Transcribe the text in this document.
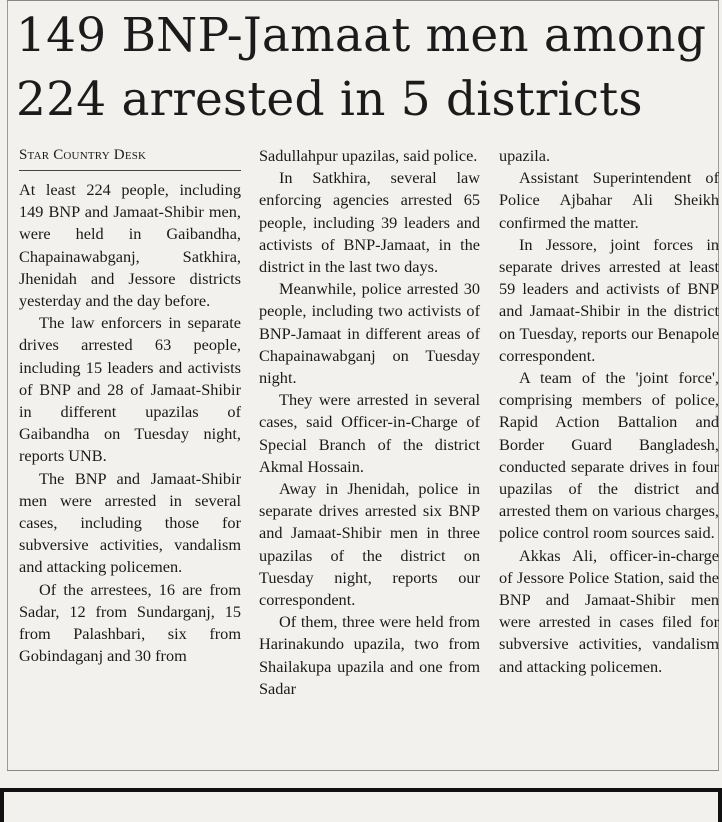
149 BNP-Jamaat men among 224 arrested in 5 districts
Star Country Desk

At least 224 people, including 149 BNP and Jamaat-Shibir men, were held in Gaibandha, Chapainawabganj, Satkhira, Jhenidah and Jessore districts yesterday and the day before.

The law enforcers in separate drives arrested 63 people, including 15 leaders and activists of BNP and 28 of Jamaat-Shibir in different upazilas of Gaibandha on Tuesday night, reports UNB.

The BNP and Jamaat-Shibir men were arrested in several cases, including those for subversive activities, vandalism and attacking policemen.

Of the arrestees, 16 are from Sadar, 12 from Sundarganj, 15 from Palashbari, six from Gobindaganj and 30 from

Sadullahpur upazilas, said police.

In Satkhira, several law enforcing agencies arrested 65 people, including 39 leaders and activists of BNP-Jamaat, in the district in the last two days.

Meanwhile, police arrested 30 people, including two activists of BNP-Jamaat in different areas of Chapainawabganj on Tuesday night.

They were arrested in several cases, said Officer-in-Charge of Special Branch of the district Akmal Hossain.

Away in Jhenidah, police in separate drives arrested six BNP and Jamaat-Shibir men in three upazilas of the district on Tuesday night, reports our correspondent.

Of them, three were held from Harinakundo upazila, two from Shailakupa upazila and one from Sadar

upazila.

Assistant Superintendent of Police Ajbahar Ali Sheikh confirmed the matter.

In Jessore, joint forces in separate drives arrested at least 59 leaders and activists of BNP and Jamaat-Shibir in the district on Tuesday, reports our Benapole correspondent.

A team of the 'joint force', comprising members of police, Rapid Action Battalion and Border Guard Bangladesh, conducted separate drives in four upazilas of the district and arrested them on various charges, police control room sources said.

Akkas Ali, officer-in-charge of Jessore Police Station, said the BNP and Jamaat-Shibir men were arrested in cases filed for subversive activities, vandalism and attacking policemen.
